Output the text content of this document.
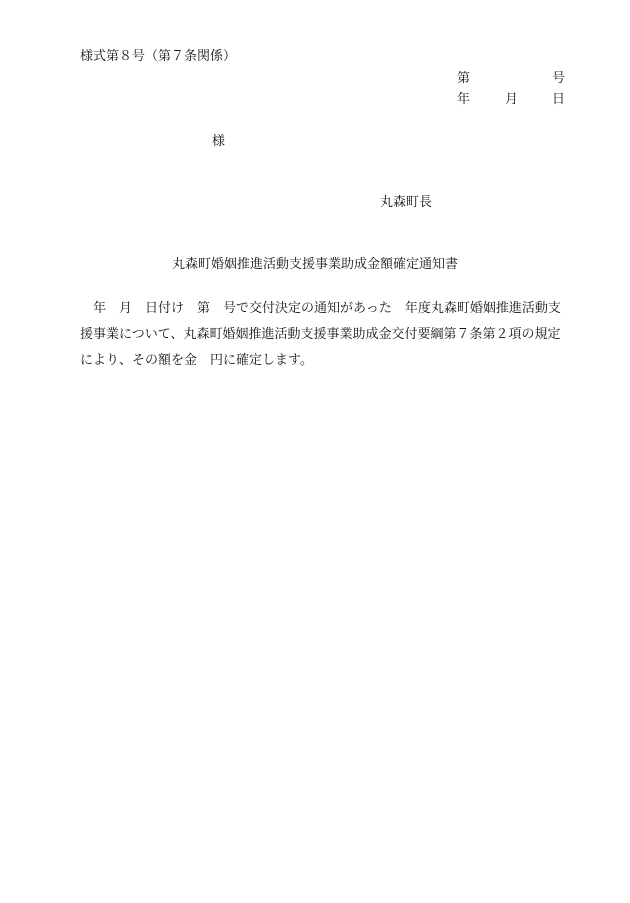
様式第８号（第７条関係）
第	号
年	月	日
様
丸森町長
丸森町婚姻推進活動支援事業助成金額確定通知書
　年　月　日付け　第　号で交付決定の通知があった　年度丸森町婚姻推進活動支
援事業について、丸森町婚姻推進活動支援事業助成金交付要綱第７条第２項の規定
により、その額を金　円に確定します。
